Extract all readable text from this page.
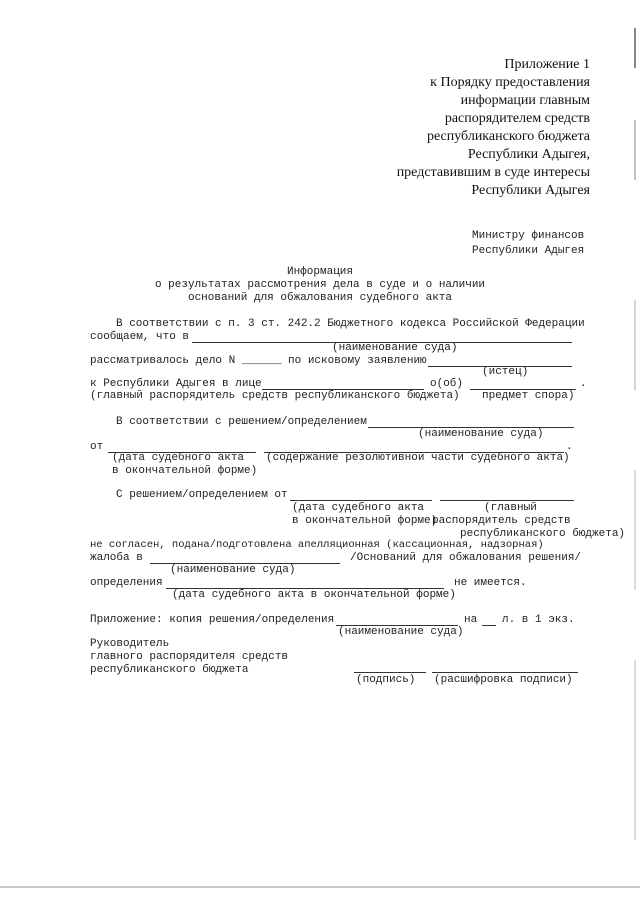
Приложение 1
к Порядку предоставления
информации главным
распорядителем средств
республиканского бюджета
Республики Адыгея,
представившим в суде интересы
Республики Адыгея
Министру финансов
Республики Адыгея
Информация
о результатах рассмотрения дела в суде и о наличии
оснований для обжалования судебного акта
В соответствии с п. 3 ст. 242.2 Бюджетного кодекса Российской Федерации
сообщаем, что в
(наименование суда)
рассматривалось дело N ______ по исковому заявлению
(истец)
к Республики Адыгея в лице	о(об)	.
(главный распорядитель средств республиканского бюджета) предмет спора)
В соответствии с решением/определением
(наименование суда)
от	.
(дата судебного акта (содержание резолютивной части судебного акта)
в окончательной форме)
С решением/определением от
(дата судебного акта	(главный
в окончательной форме)
распорядитель средств
республиканского бюджета)
не согласен, подана/подготовлена апелляционная (кассационная, надзорная)
жалоба в	/Оснований для обжалования решения/
(наименование суда)
определения	не имеется.
(дата судебного акта в окончательной форме)
Приложение: копия решения/определения	на л. в 1 экз.
(наименование суда)
Руководитель
главного распорядителя средств
республиканского бюджета
(подпись) (расшифровка подписи)
